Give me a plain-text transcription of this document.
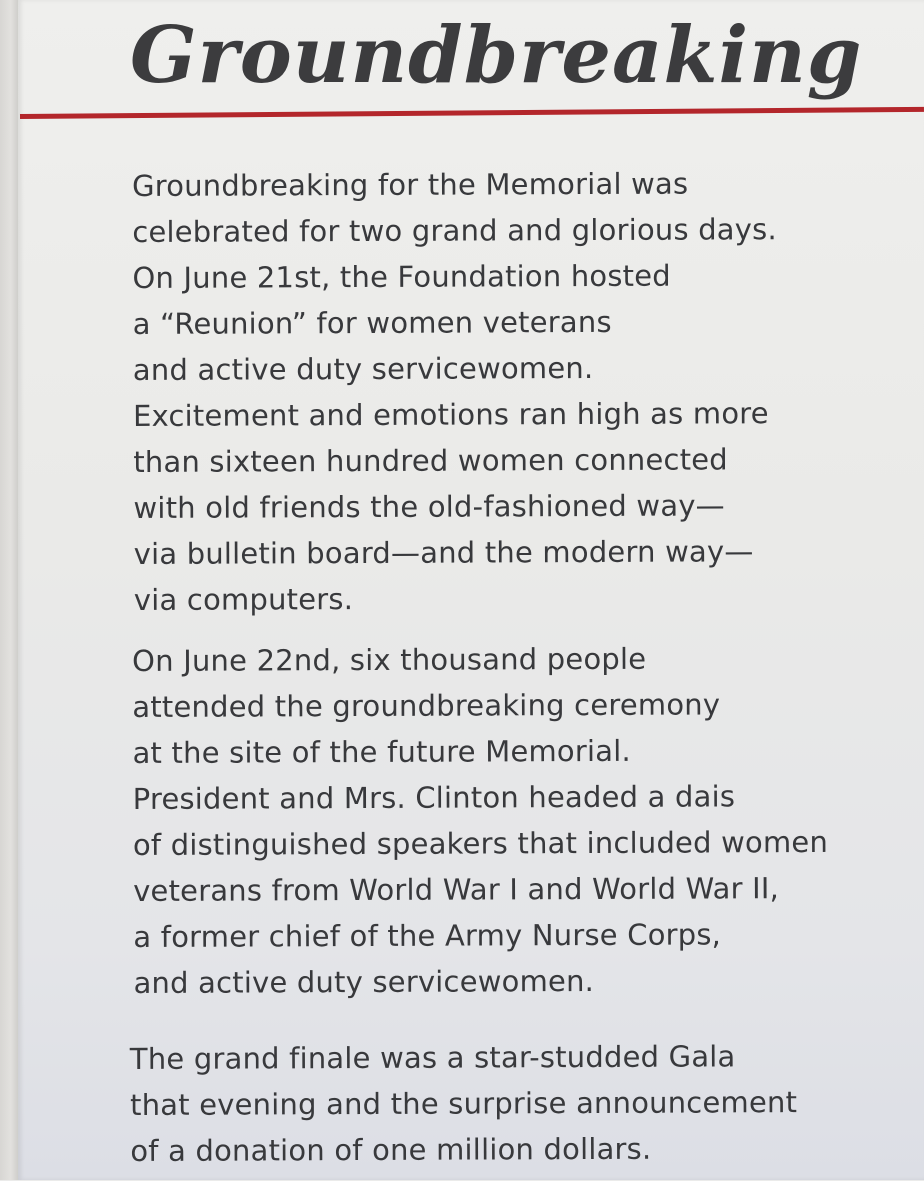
Groundbreaking
Groundbreaking for the Memorial was
celebrated for two grand and glorious days.
On June 21st, the Foundation hosted
a “Reunion” for women veterans
and active duty servicewomen.
Excitement and emotions ran high as more
than sixteen hundred women connected
with old friends the old-fashioned way—
via bulletin board—and the modern way—
via computers.
On June 22nd, six thousand people
attended the groundbreaking ceremony
at the site of the future Memorial.
President and Mrs. Clinton headed a dais
of distinguished speakers that included women
veterans from World War I and World War II,
a former chief of the Army Nurse Corps,
and active duty servicewomen.
The grand finale was a star-studded Gala
that evening and the surprise announcement
of a donation of one million dollars.
